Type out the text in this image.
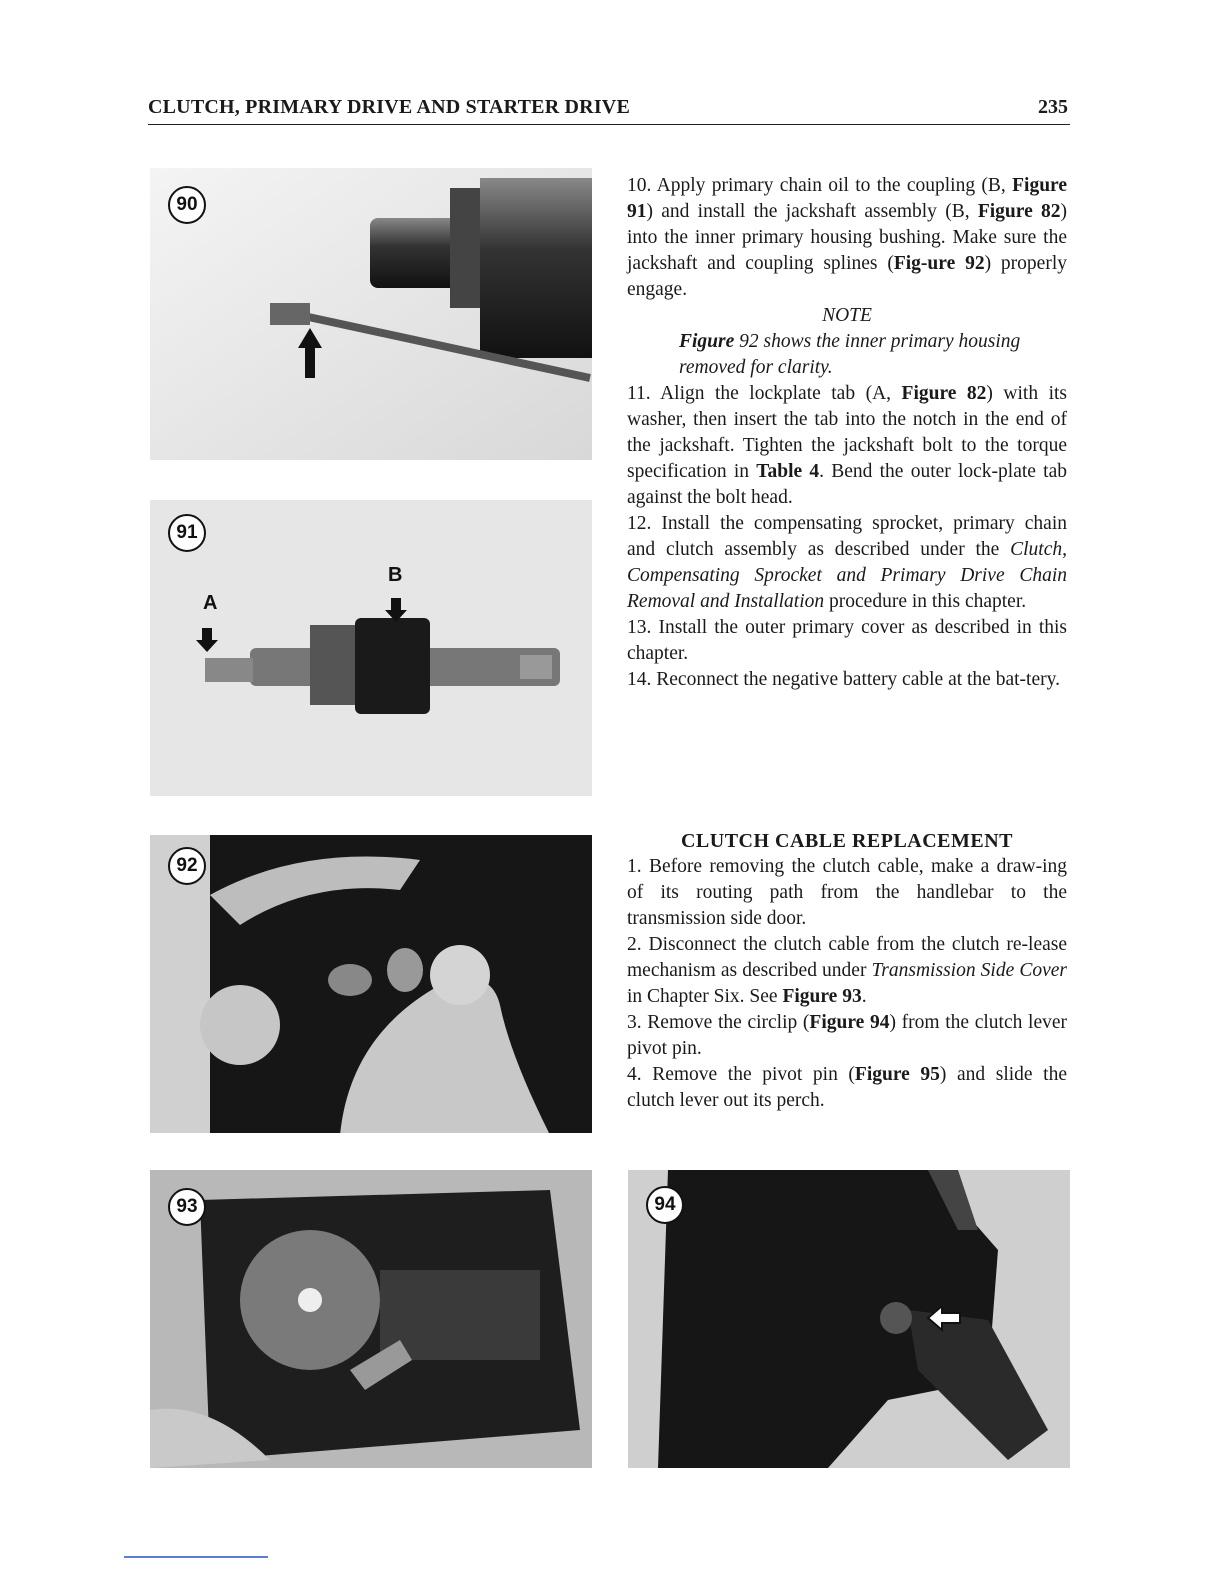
CLUTCH, PRIMARY DRIVE AND STARTER DRIVE	235
90
91
A
B
92
93	94

10. Apply primary chain oil to the coupling (B, Figure 91) and install the jackshaft assembly (B, Figure 82) into the inner primary housing bushing. Make sure the jackshaft and coupling splines (Fig-ure 92) properly engage.

NOTE

Figure 92 shows the inner primary housing removed for clarity.

11. Align the lockplate tab (A, Figure 82) with its washer, then insert the tab into the notch in the end of the jackshaft. Tighten the jackshaft bolt to the torque specification in Table 4. Bend the outer lock-plate tab against the bolt head.

12. Install the compensating sprocket, primary chain and clutch assembly as described under the Clutch, Compensating Sprocket and Primary Drive Chain Removal and Installation procedure in this chapter.

13. Install the outer primary cover as described in this chapter.

14. Reconnect the negative battery cable at the bat-tery.

CLUTCH CABLE REPLACEMENT

1. Before removing the clutch cable, make a draw-ing of its routing path from the handlebar to the transmission side door.

2. Disconnect the clutch cable from the clutch re-lease mechanism as described under Transmission Side Cover in Chapter Six. See Figure 93.

3. Remove the circlip (Figure 94) from the clutch lever pivot pin.

4. Remove the pivot pin (Figure 95) and slide the clutch lever out its perch.
